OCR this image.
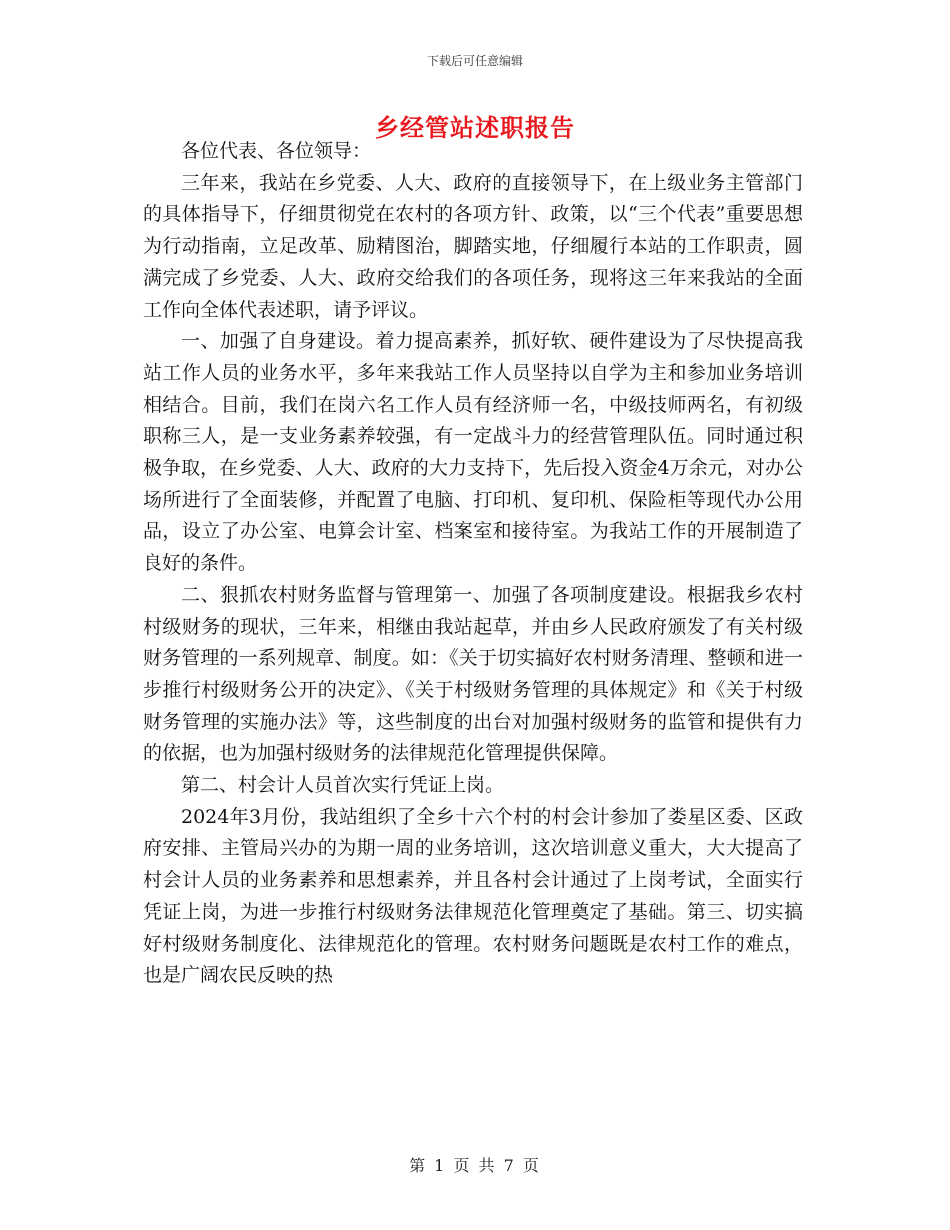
下载后可任意编辑
乡经管站述职报告

各位代表、各位领导：

三年来，我站在乡党委、人大、政府的直接领导下，在上级业务主管部门的具体指导下，仔细贯彻党在农村的各项方针、政策，以“三个代表”重要思想为行动指南，立足改革、励精图治，脚踏实地，仔细履行本站的工作职责，圆满完成了乡党委、人大、政府交给我们的各项任务，现将这三年来我站的全面工作向全体代表述职，请予评议。

一、加强了自身建设。着力提高素养，抓好软、硬件建设为了尽快提高我站工作人员的业务水平，多年来我站工作人员坚持以自学为主和参加业务培训相结合。目前，我们在岗六名工作人员有经济师一名，中级技师两名，有初级职称三人，是一支业务素养较强，有一定战斗力的经营管理队伍。同时通过积极争取，在乡党委、人大、政府的大力支持下，先后投入资金4万余元，对办公场所进行了全面装修，并配置了电脑、打印机、复印机、保险柜等现代办公用品，设立了办公室、电算会计室、档案室和接待室。为我站工作的开展制造了良好的条件。

二、狠抓农村财务监督与管理第一、加强了各项制度建设。根据我乡农村村级财务的现状，三年来，相继由我站起草，并由乡人民政府颁发了有关村级财务管理的一系列规章、制度。如：《关于切实搞好农村财务清理、整顿和进一步推行村级财务公开的决定》、《关于村级财务管理的具体规定》和《关于村级财务管理的实施办法》等，这些制度的出台对加强村级财务的监管和提供有力的依据，也为加强村级财务的法律规范化管理提供保障。

第二、村会计人员首次实行凭证上岗。

2024年3月份，我站组织了全乡十六个村的村会计参加了娄星区委、区政府安排、主管局兴办的为期一周的业务培训，这次培训意义重大，大大提高了村会计人员的业务素养和思想素养，并且各村会计通过了上岗考试，全面实行凭证上岗，为进一步推行村级财务法律规范化管理奠定了基础。第三、切实搞好村级财务制度化、法律规范化的管理。农村财务问题既是农村工作的难点，也是广阔农民反映的热

第 1 页 共 7 页
